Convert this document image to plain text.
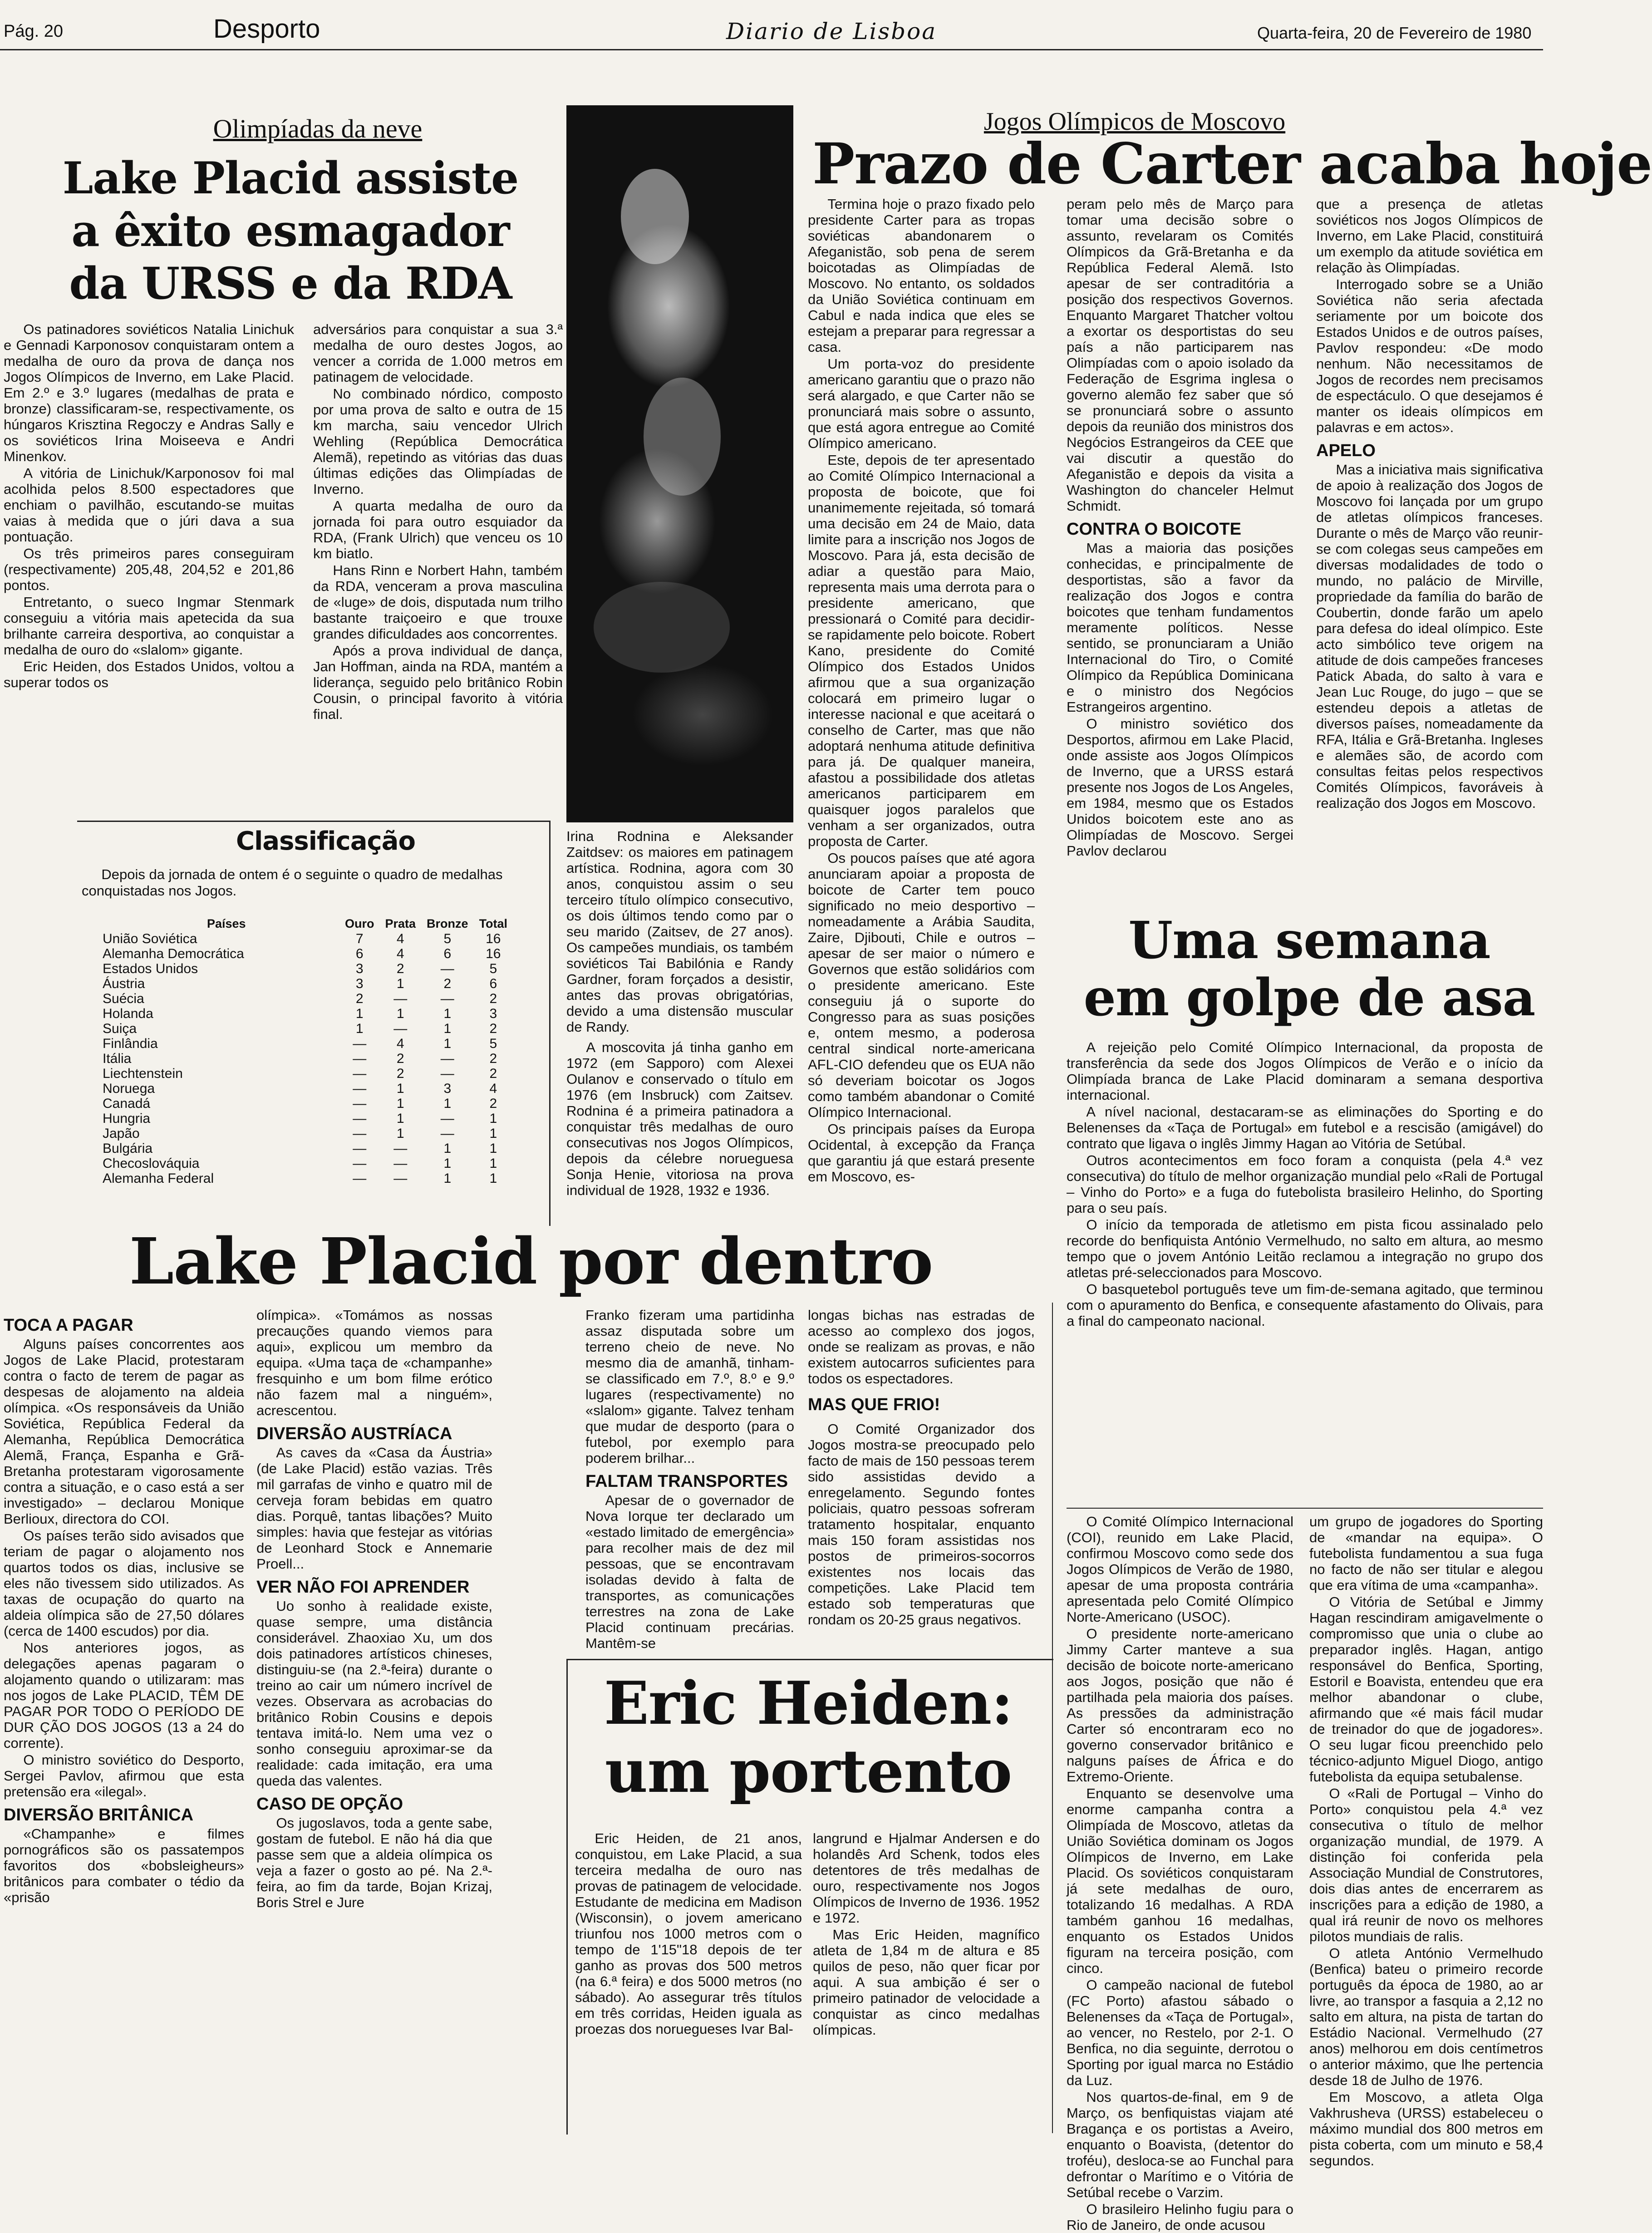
Pág. 20	Desporto	Diario de Lisboa	Quarta-feira, 20 de Fevereiro de 1980
Olimpíadas da neve
Lake Placid assiste
a êxito esmagador
da URSS e da RDA

Os patinadores soviéticos Natalia Linichuk e Gennadi Karponosov conquistaram ontem a medalha de ouro da prova de dança nos Jogos Olímpicos de Inverno, em Lake Placid. Em 2.º e 3.º lugares (medalhas de prata e bronze) classificaram-se, respectivamente, os húngaros Krisztina Regoczy e Andras Sally e os soviéticos Irina Moiseeva e Andri Minenkov.

A vitória de Linichuk/Karponosov foi mal acolhida pelos 8.500 espectadores que enchiam o pavilhão, escutando-se muitas vaias à medida que o júri dava a sua pontuação.

Os três primeiros pares conseguiram (respectivamente) 205,48, 204,52 e 201,86 pontos.

Entretanto, o sueco Ingmar Stenmark conseguiu a vitória mais apetecida da sua brilhante carreira desportiva, ao conquistar a medalha de ouro do «slalom» gigante.

Eric Heiden, dos Estados Unidos, voltou a superar todos os

adversários para conquistar a sua 3.ª medalha de ouro destes Jogos, ao vencer a corrida de 1.000 metros em patinagem de velocidade.

No combinado nórdico, composto por uma prova de salto e outra de 15 km marcha, saiu vencedor Ulrich Wehling (República Democrática Alemã), repetindo as vitórias das duas últimas edições das Olimpíadas de Inverno.

A quarta medalha de ouro da jornada foi para outro esquiador da RDA, (Frank Ulrich) que venceu os 10 km biatlo.

Hans Rinn e Norbert Hahn, também da RDA, venceram a prova masculina de «luge» de dois, disputada num trilho bastante traiçoeiro e que trouxe grandes dificuldades aos concorrentes.

Após a prova individual de dança, Jan Hoffman, ainda na RDA, mantém a liderança, seguido pelo britânico Robin Cousin, o principal favorito à vitória final.

Classificação
Depois da jornada de ontem é o seguinte o quadro de medalhas conquistadas nos Jogos.
Países	Ouro	Prata	Bronze	Total
União Soviética	7	4	5	16
Alemanha Democrática	6	4	6	16
Estados Unidos	3	2	—	5
Áustria	3	1	2	6
Suécia	2	—	—	2
Holanda	1	1	1	3
Suiça	1	—	1	2
Finlândia	—	4	1	5
Itália	—	2	—	2
Liechtenstein	—	2	—	2
Noruega	—	1	3	4
Canadá	—	1	1	2
Hungria	—	1	—	1
Japão	—	1	—	1
Bulgária	—	—	1	1
Checoslováquia	—	—	1	1
Alemanha Federal	—	—	1	1

Irina Rodnina e Aleksander Zaitdsev: os maiores em patinagem artística. Rodnina, agora com 30 anos, conquistou assim o seu terceiro título olímpico consecutivo, os dois últimos tendo como par o seu marido (Zaitsev, de 27 anos). Os campeões mundiais, os também soviéticos Tai Babilónia e Randy Gardner, foram forçados a desistir, antes das provas obrigatórias, devido a uma distensão muscular de Randy.

A moscovita já tinha ganho em 1972 (em Sapporo) com Alexei Oulanov e conservado o título em 1976 (em Insbruck) com Zaitsev. Rodnina é a primeira patinadora a conquistar três medalhas de ouro consecutivas nos Jogos Olímpicos, depois da célebre norueguesa Sonja Henie, vitoriosa na prova individual de 1928, 1932 e 1936.

Jogos Olímpicos de Moscovo
Prazo de Carter acaba hoje

Termina hoje o prazo fixado pelo presidente Carter para as tropas soviéticas abandonarem o Afeganistão, sob pena de serem boicotadas as Olimpíadas de Moscovo. No entanto, os soldados da União Soviética continuam em Cabul e nada indica que eles se estejam a preparar para regressar a casa.

Um porta-voz do presidente americano garantiu que o prazo não será alargado, e que Carter não se pronunciará mais sobre o assunto, que está agora entregue ao Comité Olímpico americano.

Este, depois de ter apresentado ao Comité Olímpico Internacional a proposta de boicote, que foi unanimemente rejeitada, só tomará uma decisão em 24 de Maio, data limite para a inscrição nos Jogos de Moscovo. Para já, esta decisão de adiar a questão para Maio, representa mais uma derrota para o presidente americano, que pressionará o Comité para decidir-se rapidamente pelo boicote. Robert Kano, presidente do Comité Olímpico dos Estados Unidos afirmou que a sua organização colocará em primeiro lugar o interesse nacional e que aceitará o conselho de Carter, mas que não adoptará nenhuma atitude definitiva para já. De qualquer maneira, afastou a possibilidade dos atletas americanos participarem em quaisquer jogos paralelos que venham a ser organizados, outra proposta de Carter.

Os poucos países que até agora anunciaram apoiar a proposta de boicote de Carter tem pouco significado no meio desportivo – nomeadamente a Arábia Saudita, Zaire, Djibouti, Chile e outros – apesar de ser maior o número e Governos que estão solidários com o presidente americano. Este conseguiu já o suporte do Congresso para as suas posições e, ontem mesmo, a poderosa central sindical norte-americana AFL-CIO defendeu que os EUA não só deveriam boicotar os Jogos como também abandonar o Comité Olímpico Internacional.

Os principais países da Europa Ocidental, à excepção da França que garantiu já que estará presente em Moscovo, es-

peram pelo mês de Março para tomar uma decisão sobre o assunto, revelaram os Comités Olímpicos da Grã-Bretanha e da República Federal Alemã. Isto apesar de ser contraditória a posição dos respectivos Governos. Enquanto Margaret Thatcher voltou a exortar os desportistas do seu país a não participarem nas Olimpíadas com o apoio isolado da Federação de Esgrima inglesa o governo alemão fez saber que só se pronunciará sobre o assunto depois da reunião dos ministros dos Negócios Estrangeiros da CEE que vai discutir a questão do Afeganistão e depois da visita a Washington do chanceler Helmut Schmidt.

CONTRA O BOICOTE

Mas a maioria das posições conhecidas, e principalmente de desportistas, são a favor da realização dos Jogos e contra boicotes que tenham fundamentos meramente políticos. Nesse sentido, se pronunciaram a União Internacional do Tiro, o Comité Olímpico da República Dominicana e o ministro dos Negócios Estrangeiros argentino.

O ministro soviético dos Desportos, afirmou em Lake Placid, onde assiste aos Jogos Olímpicos de Inverno, que a URSS estará presente nos Jogos de Los Angeles, em 1984, mesmo que os Estados Unidos boicotem este ano as Olimpíadas de Moscovo. Sergei Pavlov declarou

que a presença de atletas soviéticos nos Jogos Olímpicos de Inverno, em Lake Placid, constituirá um exemplo da atitude soviética em relação às Olimpíadas.

Interrogado sobre se a União Soviética não seria afectada seriamente por um boicote dos Estados Unidos e de outros países, Pavlov respondeu: «De modo nenhum. Não necessitamos de Jogos de recordes nem precisamos de espectáculo. O que desejamos é manter os ideais olímpicos em palavras e em actos».

APELO

Mas a iniciativa mais significativa de apoio à realização dos Jogos de Moscovo foi lançada por um grupo de atletas olímpicos franceses. Durante o mês de Março vão reunir-se com colegas seus campeões em diversas modalidades de todo o mundo, no palácio de Mirville, propriedade da família do barão de Coubertin, donde farão um apelo para defesa do ideal olímpico. Este acto simbólico teve origem na atitude de dois campeões franceses Patick Abada, do salto à vara e Jean Luc Rouge, do jugo – que se estendeu depois a atletas de diversos países, nomeadamente da RFA, Itália e Grã-Bretanha. Ingleses e alemães são, de acordo com consultas feitas pelos respectivos Comités Olímpicos, favoráveis à realização dos Jogos em Moscovo.

Uma semana
em golpe de asa

A rejeição pelo Comité Olímpico Internacional, da proposta de transferência da sede dos Jogos Olímpicos de Verão e o início da Olimpíada branca de Lake Placid dominaram a semana desportiva internacional.

A nível nacional, destacaram-se as eliminações do Sporting e do Belenenses da «Taça de Portugal» em futebol e a rescisão (amigável) do contrato que ligava o inglês Jimmy Hagan ao Vitória de Setúbal.

Outros acontecimentos em foco foram a conquista (pela 4.ª vez consecutiva) do título de melhor organização mundial pelo «Rali de Portugal – Vinho do Porto» e a fuga do futebolista brasileiro Helinho, do Sporting para o seu país.

O início da temporada de atletismo em pista ficou assinalado pelo recorde do benfiquista António Vermelhudo, no salto em altura, ao mesmo tempo que o jovem António Leitão reclamou a integração no grupo dos atletas pré-seleccionados para Moscovo.

O basquetebol português teve um fim-de-semana agitado, que terminou com o apuramento do Benfica, e consequente afastamento do Olivais, para a final do campeonato nacional.

O Comité Olímpico Internacional (COI), reunido em Lake Placid, confirmou Moscovo como sede dos Jogos Olímpicos de Verão de 1980, apesar de uma proposta contrária apresentada pelo Comité Olímpico Norte-Americano (USOC).

O presidente norte-americano Jimmy Carter manteve a sua decisão de boicote norte-americano aos Jogos, posição que não é partilhada pela maioria dos países. As pressões da administração Carter só encontraram eco no governo conservador britânico e nalguns países de África e do Extremo-Oriente.

Enquanto se desenvolve uma enorme campanha contra a Olimpíada de Moscovo, atletas da União Soviética dominam os Jogos Olímpicos de Inverno, em Lake Placid. Os soviéticos conquistaram já sete medalhas de ouro, totalizando 16 medalhas. A RDA também ganhou 16 medalhas, enquanto os Estados Unidos figuram na terceira posição, com cinco.

O campeão nacional de futebol (FC Porto) afastou sábado o Belenenses da «Taça de Portugal», ao vencer, no Restelo, por 2-1. O Benfica, no dia seguinte, derrotou o Sporting por igual marca no Estádio da Luz.

Nos quartos-de-final, em 9 de Março, os benfiquistas viajam até Bragança e os portistas a Aveiro, enquanto o Boavista, (detentor do troféu), desloca-se ao Funchal para defrontar o Marítimo e o Vitória de Setúbal recebe o Varzim.

O brasileiro Helinho fugiu para o Rio de Janeiro, de onde acusou

um grupo de jogadores do Sporting de «mandar na equipa». O futebolista fundamentou a sua fuga no facto de não ser titular e alegou que era vítima de uma «campanha».

O Vitória de Setúbal e Jimmy Hagan rescindiram amigavelmente o compromisso que unia o clube ao preparador inglês. Hagan, antigo responsável do Benfica, Sporting, Estoril e Boavista, entendeu que era melhor abandonar o clube, afirmando que «é mais fácil mudar de treinador do que de jogadores». O seu lugar ficou preenchido pelo técnico-adjunto Miguel Diogo, antigo futebolista da equipa setubalense.

O «Rali de Portugal – Vinho do Porto» conquistou pela 4.ª vez consecutiva o título de melhor organização mundial, de 1979. A distinção foi conferida pela Associação Mundial de Construtores, dois dias antes de encerrarem as inscrições para a edição de 1980, a qual irá reunir de novo os melhores pilotos mundiais de ralis.

O atleta António Vermelhudo (Benfica) bateu o primeiro recorde português da época de 1980, ao ar livre, ao transpor a fasquia a 2,12 no salto em altura, na pista de tartan do Estádio Nacional. Vermelhudo (27 anos) melhorou em dois centímetros o anterior máximo, que lhe pertencia desde 18 de Julho de 1976.

Em Moscovo, a atleta Olga Vakhrusheva (URSS) estabeleceu o máximo mundial dos 800 metros em pista coberta, com um minuto e 58,4 segundos.

Lake Placid por dentro
TOCA A PAGAR

Alguns países concorrentes aos Jogos de Lake Placid, protestaram contra o facto de terem de pagar as despesas de alojamento na aldeia olímpica. «Os responsáveis da União Soviética, República Federal da Alemanha, República Democrática Alemã, França, Espanha e Grã-Bretanha protestaram vigorosamente contra a situação, e o caso está a ser investigado» – declarou Monique Berlioux, directora do COI.

Os países terão sido avisados que teriam de pagar o alojamento nos quartos todos os dias, inclusive se eles não tivessem sido utilizados. As taxas de ocupação do quarto na aldeia olímpica são de 27,50 dólares (cerca de 1400 escudos) por dia.

Nos anteriores jogos, as delegações apenas pagaram o alojamento quando o utilizaram: mas nos jogos de Lake PLACID, TÊM DE PAGAR POR TODO O PERÍODO DE DUR ÇÃO DOS JOGOS (13 a 24 do corrente).

O ministro soviético do Desporto, Sergei Pavlov, afirmou que esta pretensão era «ilegal».

DIVERSÃO BRITÂNICA

«Champanhe» e filmes pornográficos são os passatempos favoritos dos «bobsleigheurs» britânicos para combater o tédio da «prisão

olímpica». «Tomámos as nossas precauções quando viemos para aqui», explicou um membro da equipa. «Uma taça de «champanhe» fresquinho e um bom filme erótico não fazem mal a ninguém», acrescentou.

DIVERSÃO AUSTRÍACA

As caves da «Casa da Áustria» (de Lake Placid) estão vazias. Três mil garrafas de vinho e quatro mil de cerveja foram bebidas em quatro dias. Porquê, tantas libações? Muito simples: havia que festejar as vitórias de Leonhard Stock e Annemarie Proell...

VER NÃO FOI APRENDER

Uo sonho à realidade existe, quase sempre, uma distância considerável. Zhaoxiao Xu, um dos dois patinadores artísticos chineses, distinguiu-se (na 2.ª-feira) durante o treino ao cair um número incrível de vezes. Observara as acrobacias do britânico Robin Cousins e depois tentava imitá-lo. Nem uma vez o sonho conseguiu aproximar-se da realidade: cada imitação, era uma queda das valentes.

CASO DE OPÇÃO

Os jugoslavos, toda a gente sabe, gostam de futebol. E não há dia que passe sem que a aldeia olímpica os veja a fazer o gosto ao pé. Na 2.ª-feira, ao fim da tarde, Bojan Krizaj, Boris Strel e Jure

Franko fizeram uma partidinha assaz disputada sobre um terreno cheio de neve. No mesmo dia de amanhã, tinham-se classificado em 7.º, 8.º e 9.º lugares (respectivamente) no «slalom» gigante. Talvez tenham que mudar de desporto (para o futebol, por exemplo para poderem brilhar...

FALTAM TRANSPORTES

Apesar de o governador de Nova Iorque ter declarado um «estado limitado de emergência» para recolher mais de dez mil pessoas, que se encontravam isoladas devido à falta de transportes, as comunicações terrestres na zona de Lake Placid continuam precárias. Mantêm-se

longas bichas nas estradas de acesso ao complexo dos jogos, onde se realizam as provas, e não existem autocarros suficientes para todos os espectadores.

MAS QUE FRIO!

O Comité Organizador dos Jogos mostra-se preocupado pelo facto de mais de 150 pessoas terem sido assistidas devido a enregelamento. Segundo fontes policiais, quatro pessoas sofreram tratamento hospitalar, enquanto mais 150 foram assistidas nos postos de primeiros-socorros existentes nos locais das competições. Lake Placid tem estado sob temperaturas que rondam os 20-25 graus negativos.

Eric Heiden:
um portento

Eric Heiden, de 21 anos, conquistou, em Lake Placid, a sua terceira medalha de ouro nas provas de patinagem de velocidade. Estudante de medicina em Madison (Wisconsin), o jovem americano triunfou nos 1000 metros com o tempo de 1'15"18 depois de ter ganho as provas dos 500 metros (na 6.ª feira) e dos 5000 metros (no sábado). Ao assegurar três títulos em três corridas, Heiden iguala as proezas dos noruegueses Ivar Bal-

langrund e Hjalmar Andersen e do holandês Ard Schenk, todos eles detentores de três medalhas de ouro, respectivamente nos Jogos Olímpicos de Inverno de 1936. 1952 e 1972.

Mas Eric Heiden, magnífico atleta de 1,84 m de altura e 85 quilos de peso, não quer ficar por aqui. A sua ambição é ser o primeiro patinador de velocidade a conquistar as cinco medalhas olímpicas.
